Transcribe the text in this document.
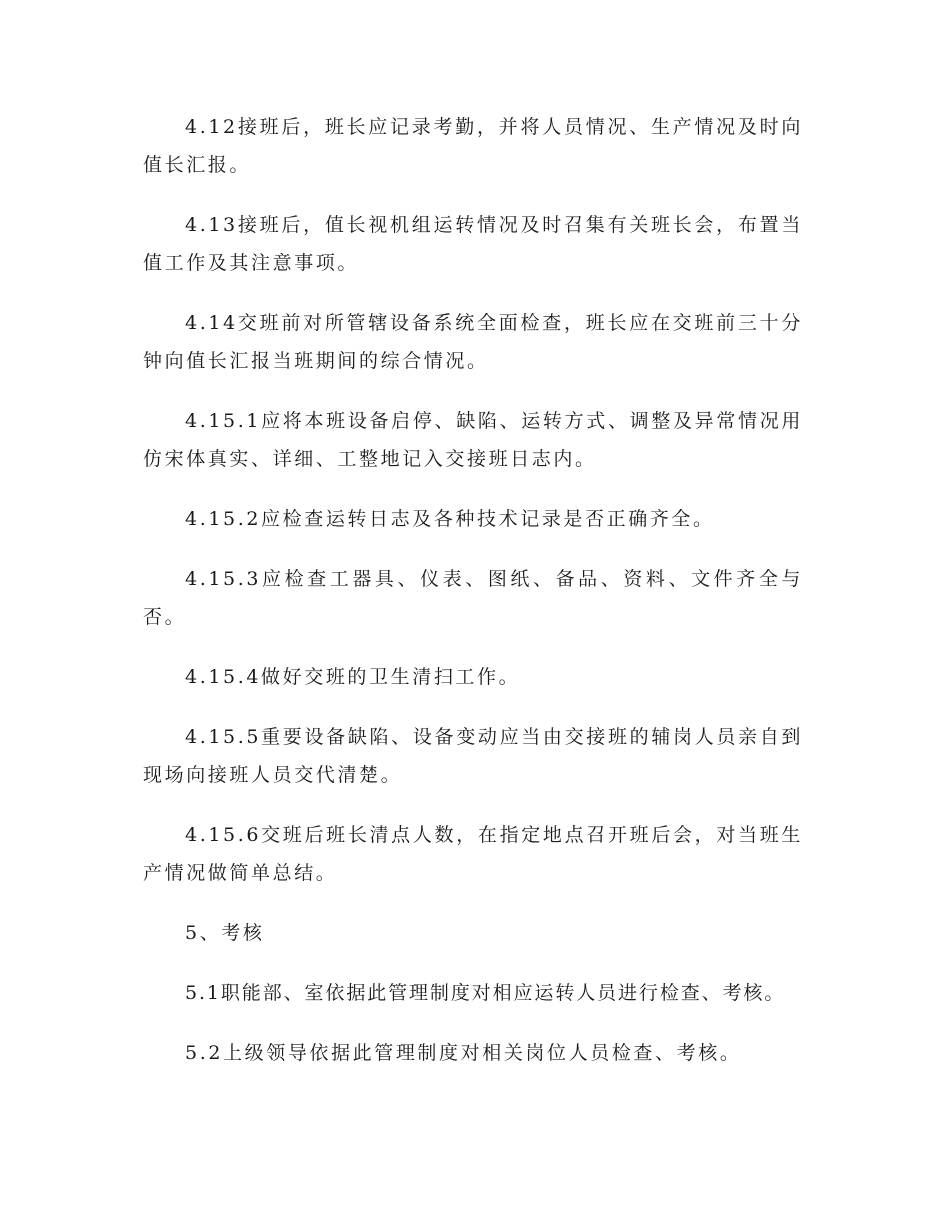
4.12接班后，班长应记录考勤，并将人员情况、生产情况及时向值长汇报。

4.13接班后，值长视机组运转情况及时召集有关班长会，布置当值工作及其注意事项。

4.14交班前对所管辖设备系统全面检查，班长应在交班前三十分钟向值长汇报当班期间的综合情况。

4.15.1应将本班设备启停、缺陷、运转方式、调整及异常情况用仿宋体真实、详细、工整地记入交接班日志内。

4.15.2应检查运转日志及各种技术记录是否正确齐全。

4.15.3应检查工器具、仪表、图纸、备品、资料、文件齐全与否。

4.15.4做好交班的卫生清扫工作。

4.15.5重要设备缺陷、设备变动应当由交接班的辅岗人员亲自到现场向接班人员交代清楚。

4.15.6交班后班长清点人数，在指定地点召开班后会，对当班生产情况做简单总结。

5、考核

5.1职能部、室依据此管理制度对相应运转人员进行检查、考核。

5.2上级领导依据此管理制度对相关岗位人员检查、考核。
